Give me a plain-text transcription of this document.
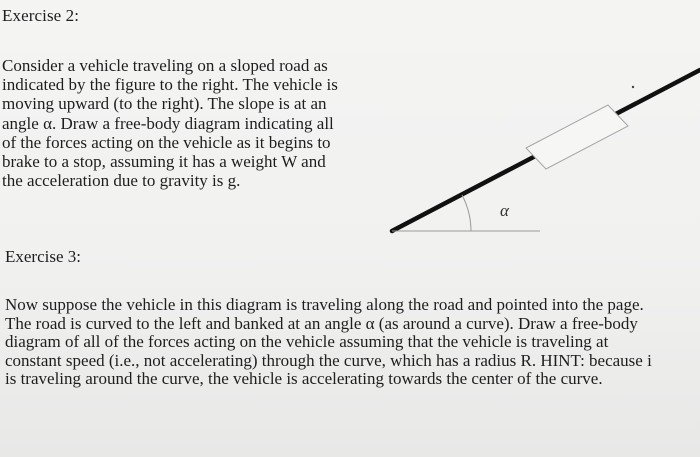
Exercise 2:
Consider a vehicle traveling on a sloped road as
indicated by the figure to the right. The vehicle is
moving upward (to the right). The slope is at an
angle α. Draw a free-body diagram indicating all
of the forces acting on the vehicle as it begins to
brake to a stop, assuming it has a weight W and
the acceleration due to gravity is g.
α
Exercise 3:
Now suppose the vehicle in this diagram is traveling along the road and pointed into the page.
The road is curved to the left and banked at an angle α (as around a curve). Draw a free-body
diagram of all of the forces acting on the vehicle assuming that the vehicle is traveling at
constant speed (i.e., not accelerating) through the curve, which has a radius R. HINT: because i
is traveling around the curve, the vehicle is accelerating towards the center of the curve.
